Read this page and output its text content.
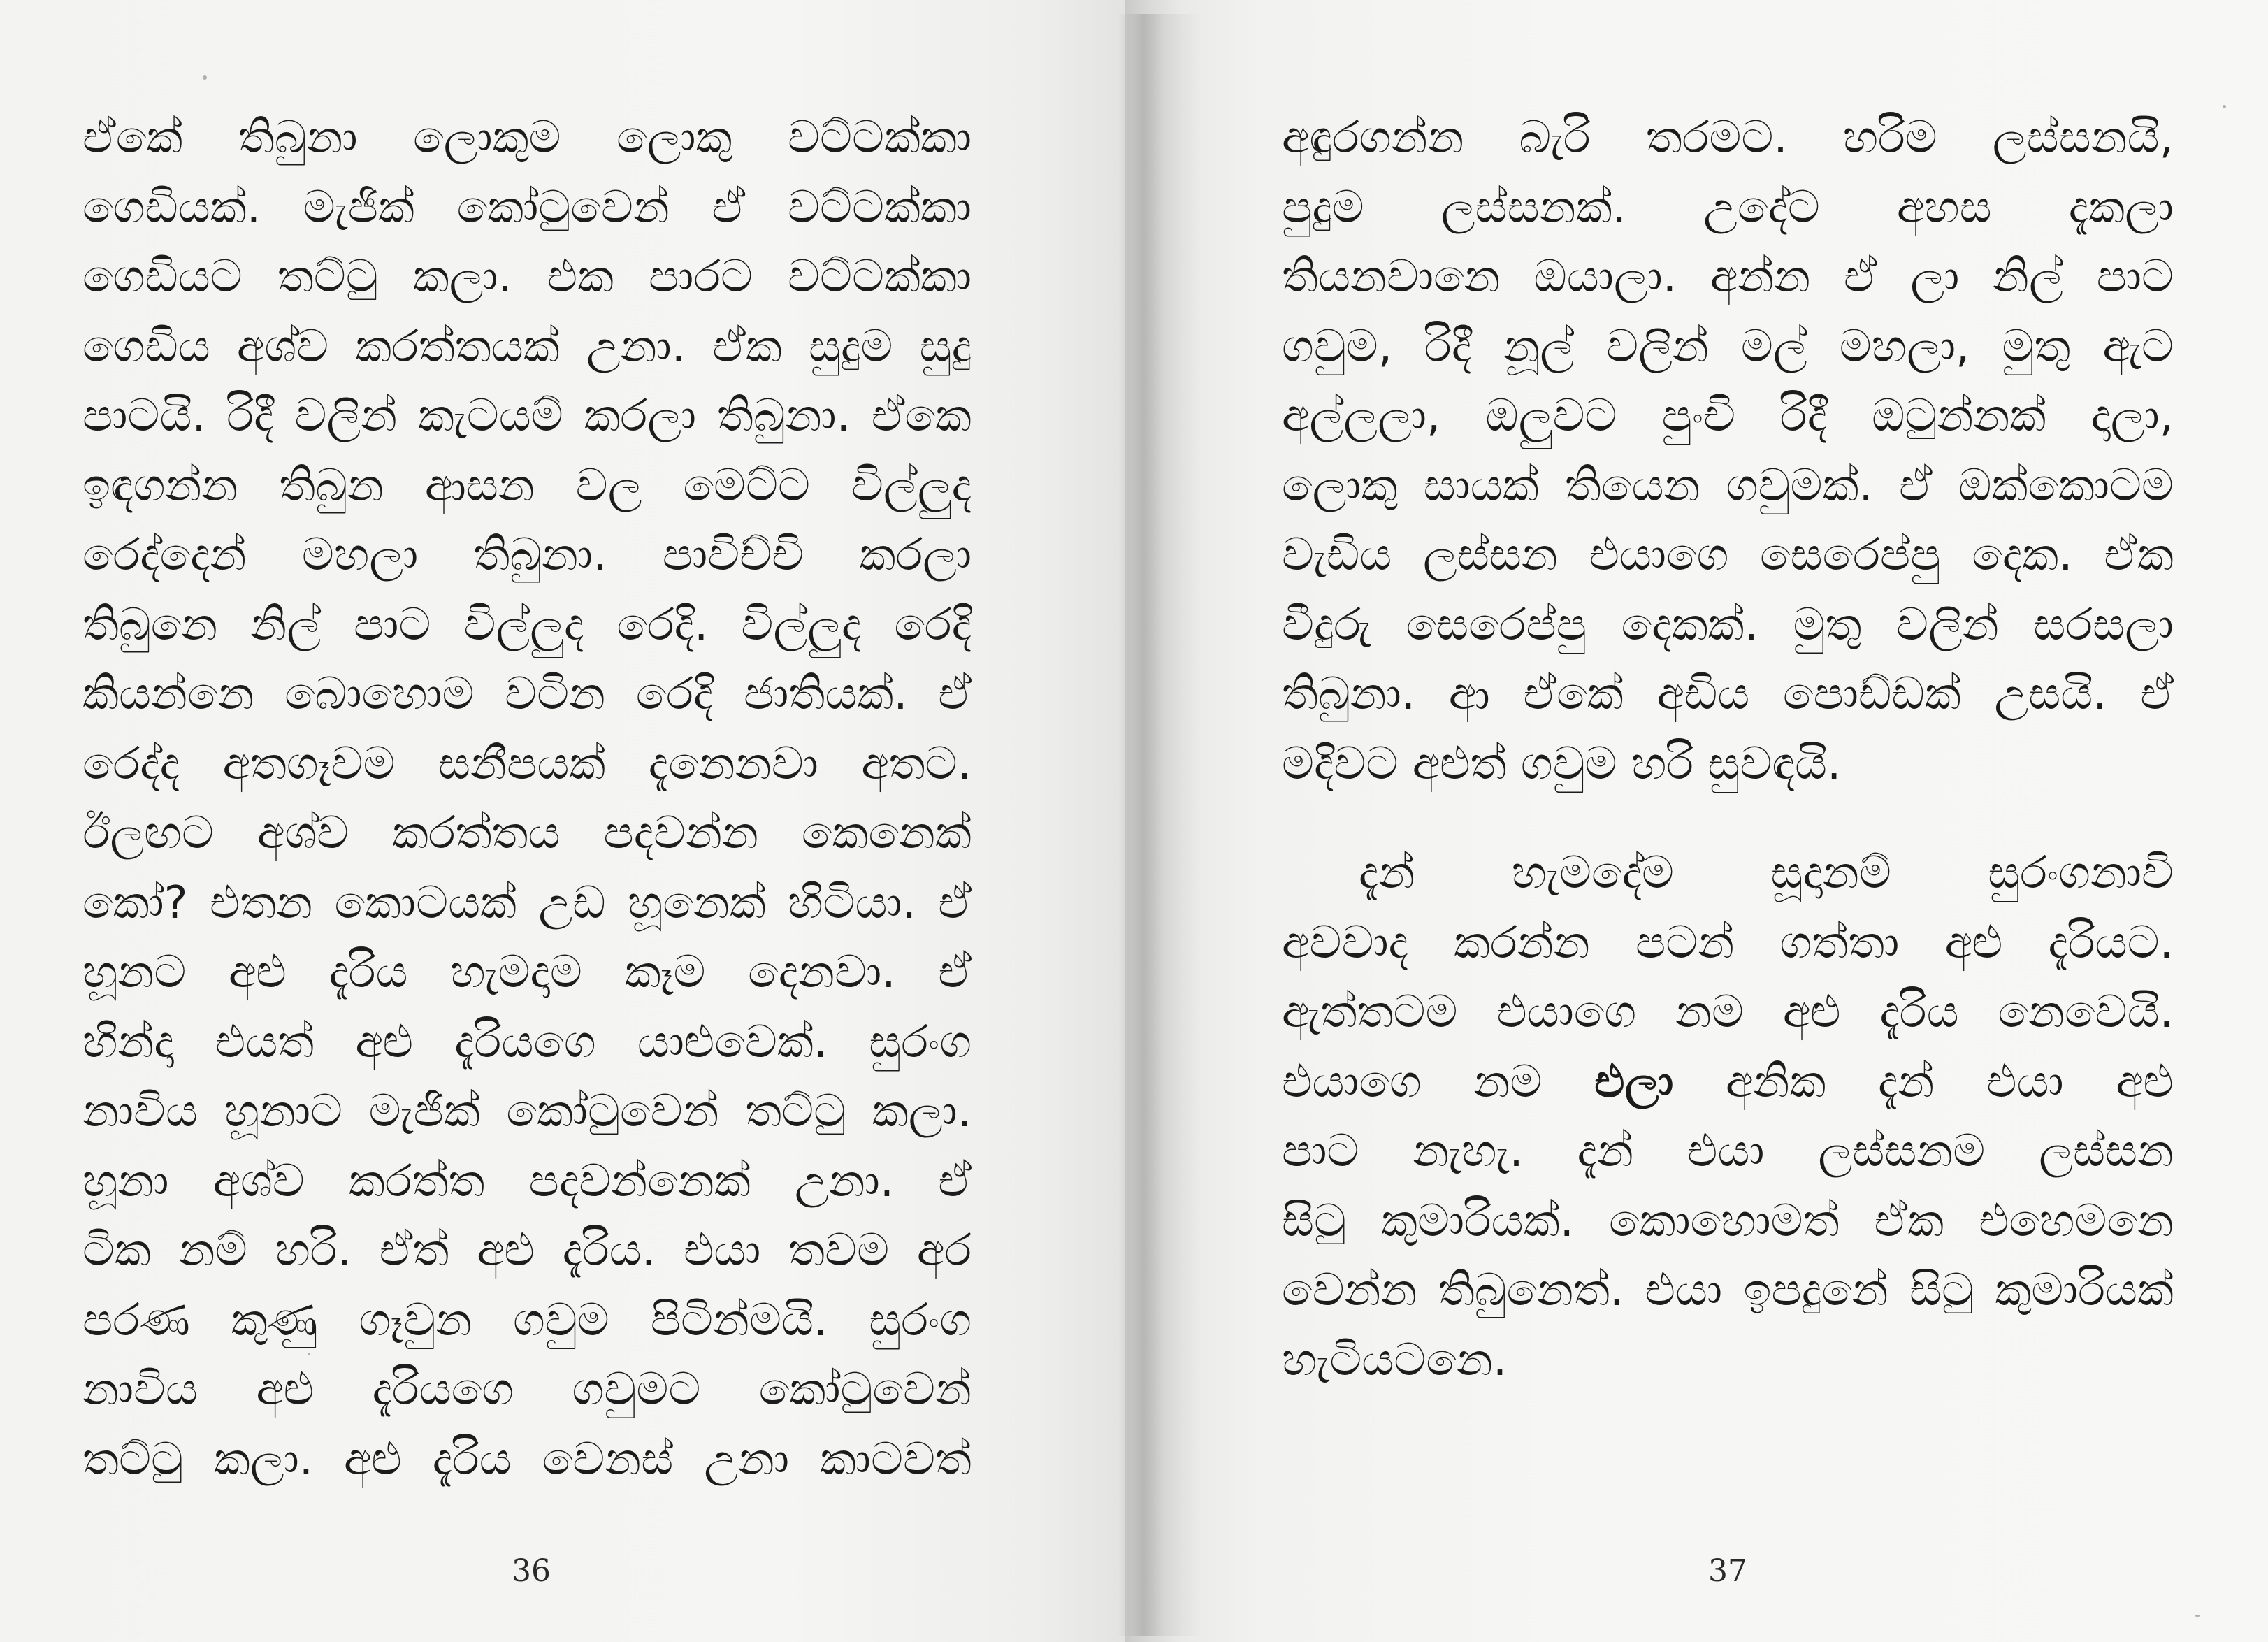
ඒකේ තිබුනා ලොකුම ලොකු වට්ටක්කා
ගෙඩියක්. මැජික් කෝටුවෙන් ඒ වට්ටක්කා
ගෙඩියට තට්ටු කලා. එක පාරට වට්ටක්කා
ගෙඩිය අශ්ව කරත්තයක් උනා. ඒක සුදුම සුදු
පාටයි. රිදී වලින් කැටයම් කරලා තිබුනා. ඒකෙ
ඉඳගන්න තිබුන ආසන වල මෙට්ට විල්ලුද
රෙද්දෙන් මහලා තිබුනා. පාවිච්චි කරලා
තිබුනෙ නිල් පාට විල්ලුද රෙදි. විල්ලුද රෙදි
කියන්නෙ බොහොම වටින රෙදි ජාතියක්. ඒ
රෙද්ද අතගෑවම සනීපයක් දැනෙනවා අතට.
ඊලඟට අශ්ව කරත්තය පදවන්න කෙනෙක්
කෝ? එතන කොටයක් උඩ හූනෙක් හිටියා. ඒ
හූනට අළු දැරිය හැමදාම කෑම දෙනවා. ඒ
හින්දා එයත් අළු දැරියගෙ යාළුවෙක්. සුරංග
නාවිය හූනාට මැජික් කෝටුවෙන් තට්ටු කලා.
හූනා අශ්ව කරත්ත පදවන්නෙක් උනා. ඒ
ටික නම් හරි. ඒත් අළු දැරිය. එයා තවම අර
පරණ කුණු ගෑවුන ගවුම පිටින්මයි. සුරංග
නාවිය අළු දැරියගෙ ගවුමට කෝටුවෙන්
තට්ටු කලා. අළු දැරිය වෙනස් උනා කාටවත්
36	37
අඳුරගන්න බැරි තරමට. හරිම ලස්සනයි,
පුදුම ලස්සනක්. උදේට අහස දැකලා
තියනවානෙ ඔයාලා. අන්න ඒ ලා නිල් පාට
ගවුම, රිදී නූල් වලින් මල් මහලා, මුතු ඇට
අල්ලලා, ඔලුවට පුංචි රිදී ඔටුන්නක් දාලා,
ලොකු සායක් තියෙන ගවුමක්. ඒ ඔක්කොටම
වැඩිය ලස්සන එයාගෙ සෙරෙප්පු දෙක. ඒක
වීදුරු සෙරෙප්පු දෙකක්. මුතු වලින් සරසලා
තිබුනා. ආ ඒකේ අඩිය පොඩ්ඩක් උසයි. ඒ
මදිවට අළුත් ගවුම හරි සුවඳයි.
දැන් හැමදේම සූදානම් සුරංගනාවි
අවවාද කරන්න පටන් ගත්තා අළු දැරියට.
ඇත්තටම එයාගෙ නම අළු දැරිය නෙවෙයි.
එයාගෙ නම එලා අනික දැන් එයා අළු
පාට නැහැ. දැන් එයා ලස්සනම ලස්සන
සිටු කුමාරියක්. කොහොමත් ඒක එහෙමනෙ
වෙන්න තිබුනෙත්. එයා ඉපදුනේ සිටු කුමාරියක්
හැටියටනෙ.
